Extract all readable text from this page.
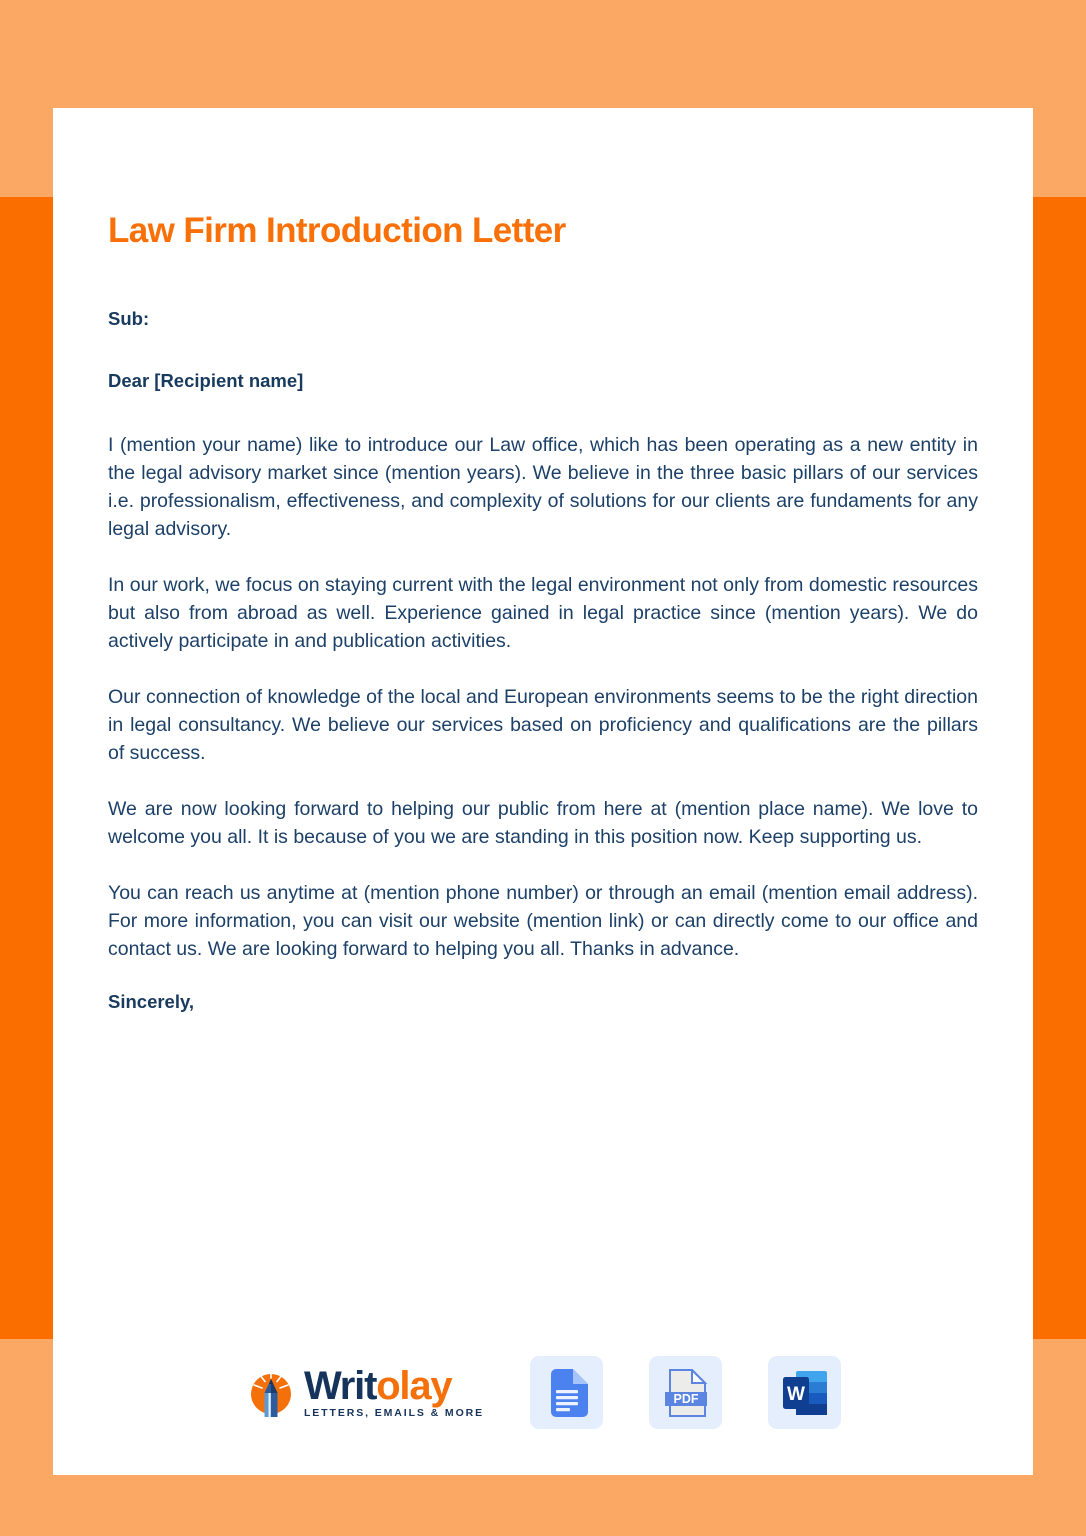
Law Firm Introduction Letter

Sub:

Dear [Recipient name]

I (mention your name) like to introduce our Law office, which has been operating as a new entity in the legal advisory market since (mention years). We believe in the three basic pillars of our services i.e. professionalism, effectiveness, and complexity of solutions for our clients are fundaments for any legal advisory.

In our work, we focus on staying current with the legal environment not only from domestic resources but also from abroad as well. Experience gained in legal practice since (mention years). We do actively participate in and publication activities.

Our connection of knowledge of the local and European environments seems to be the right direction in legal consultancy. We believe our services based on proficiency and qualifications are the pillars of success.

We are now looking forward to helping our public from here at (mention place name). We love to welcome you all. It is because of you we are standing in this position now. Keep supporting us.

You can reach us anytime at (mention phone number) or through an email (mention email address). For more information, you can visit our website (mention link) or can directly come to our office and contact us. We are looking forward to helping you all. Thanks in advance.

Sincerely,

Writolay
LETTERS, EMAILS & MORE
PDF	W
